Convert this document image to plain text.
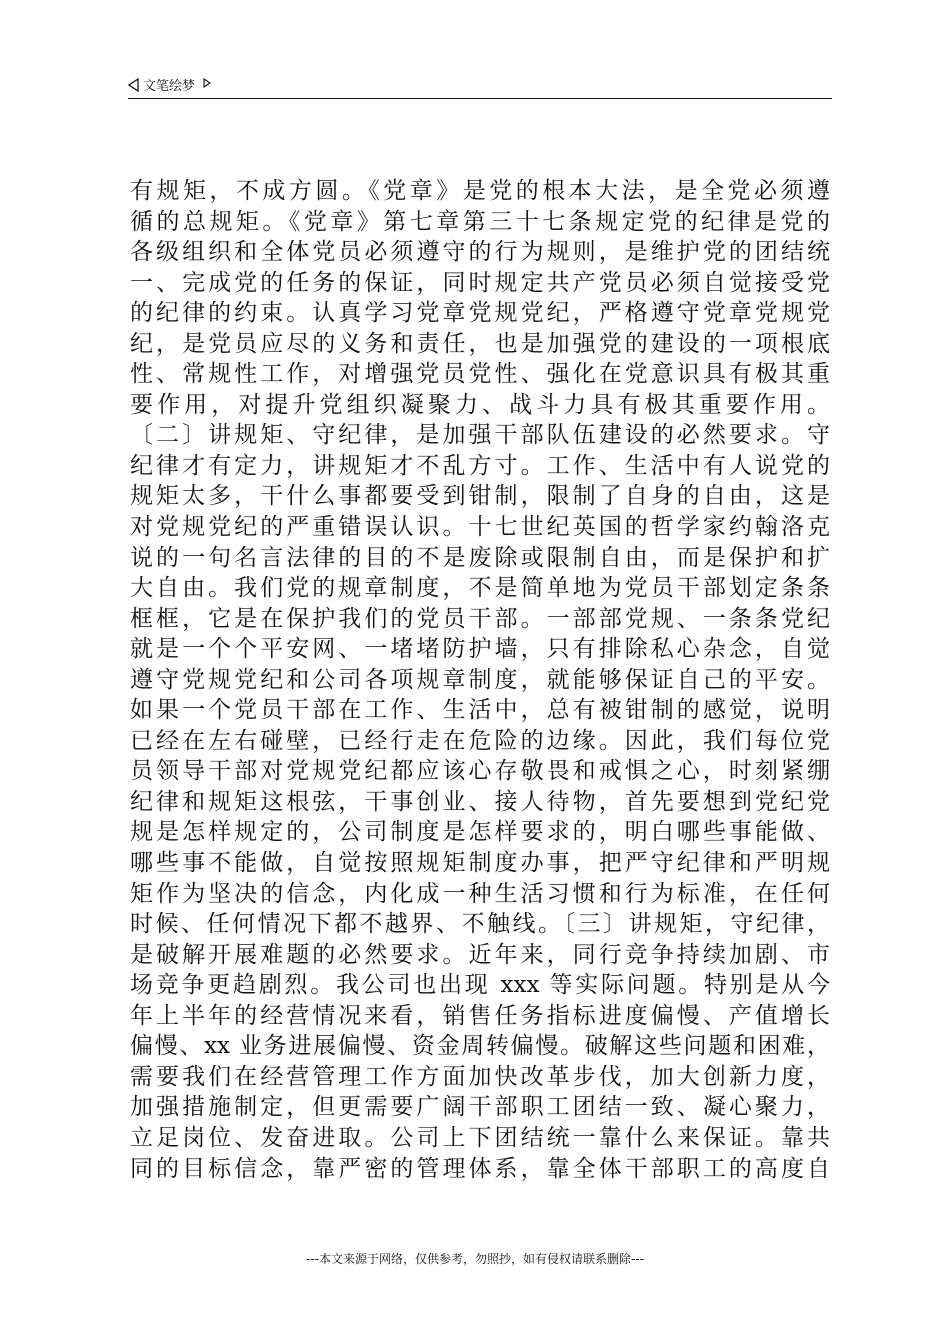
文笔绘梦
有规矩，不成方圆。《党章》是党的根本大法，是全党必须遵
循的总规矩。《党章》第七章第三十七条规定党的纪律是党的
各级组织和全体党员必须遵守的行为规则，是维护党的团结统
一、完成党的任务的保证，同时规定共产党员必须自觉接受党
的纪律的约束。认真学习党章党规党纪，严格遵守党章党规党
纪，是党员应尽的义务和责任，也是加强党的建设的一项根底
性、常规性工作，对增强党员党性、强化在党意识具有极其重
要作用，对提升党组织凝聚力、战斗力具有极其重要作用。
〔二〕讲规矩、守纪律，是加强干部队伍建设的必然要求。守
纪律才有定力，讲规矩才不乱方寸。工作、生活中有人说党的
规矩太多，干什么事都要受到钳制，限制了自身的自由，这是
对党规党纪的严重错误认识。十七世纪英国的哲学家约翰洛克
说的一句名言法律的目的不是废除或限制自由，而是保护和扩
大自由。我们党的规章制度，不是简单地为党员干部划定条条
框框，它是在保护我们的党员干部。一部部党规、一条条党纪
就是一个个平安网、一堵堵防护墙，只有排除私心杂念，自觉
遵守党规党纪和公司各项规章制度，就能够保证自己的平安。
如果一个党员干部在工作、生活中，总有被钳制的感觉，说明
已经在左右碰壁，已经行走在危险的边缘。因此，我们每位党
员领导干部对党规党纪都应该心存敬畏和戒惧之心，时刻紧绷
纪律和规矩这根弦，干事创业、接人待物，首先要想到党纪党
规是怎样规定的，公司制度是怎样要求的，明白哪些事能做、
哪些事不能做，自觉按照规矩制度办事，把严守纪律和严明规
矩作为坚决的信念，内化成一种生活习惯和行为标准，在任何
时候、任何情况下都不越界、不触线。〔三〕讲规矩，守纪律，
是破解开展难题的必然要求。近年来，同行竞争持续加剧、市
场竞争更趋剧烈。我公司也出现 xxx 等实际问题。特别是从今
年上半年的经营情况来看，销售任务指标进度偏慢、产值增长
偏慢、xx 业务进展偏慢、资金周转偏慢。破解这些问题和困难，
需要我们在经营管理工作方面加快改革步伐，加大创新力度，
加强措施制定，但更需要广阔干部职工团结一致、凝心聚力，
立足岗位、发奋进取。公司上下团结统一靠什么来保证。靠共
同的目标信念，靠严密的管理体系，靠全体干部职工的高度自
---本文来源于网络，仅供参考，勿照抄，如有侵权请联系删除---
